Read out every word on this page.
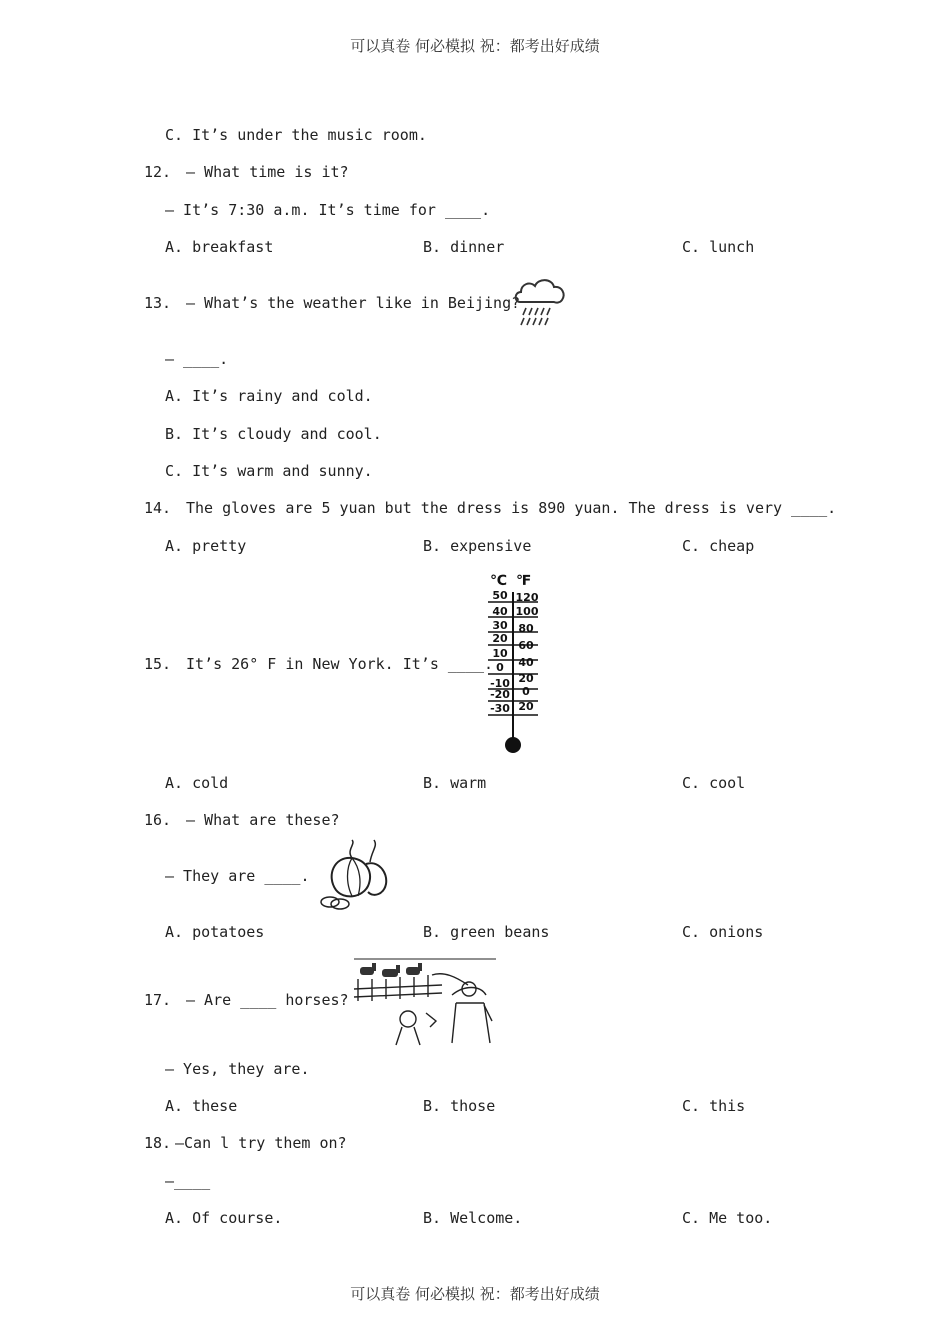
可以真卷 何必模拟 祝：都考出好成绩
C. It’s under the music room.
12. — What time is it?
— It’s 7:30 a.m. It’s time for ____.
A. breakfast	B. dinner	C. lunch
13. — What’s the weather like in Beijing?
— ____.
A. It’s rainy and cold.
B. It’s cloudy and cool.
C. It’s warm and sunny.
14. The gloves are 5 yuan but the dress is 890 yuan. The dress is very ____.
A. pretty	B. expensive	C. cheap
15. It’s 26° F in New York. It’s ____.
℃ ℉
50
40
30
20
10
0
-10
-20
-30
120
100
80
60
40
20
0
20
A. cold	B. warm	C. cool
16. — What are these?
— They are ____.
A. potatoes	B. green beans	C. onions
17. — Are ____ horses?
— Yes, they are.
A. these	B. those	C. this
18. —Can l try them on?
—____
A. Of course.	B. Welcome.	C. Me too.
可以真卷 何必模拟 祝：都考出好成绩
